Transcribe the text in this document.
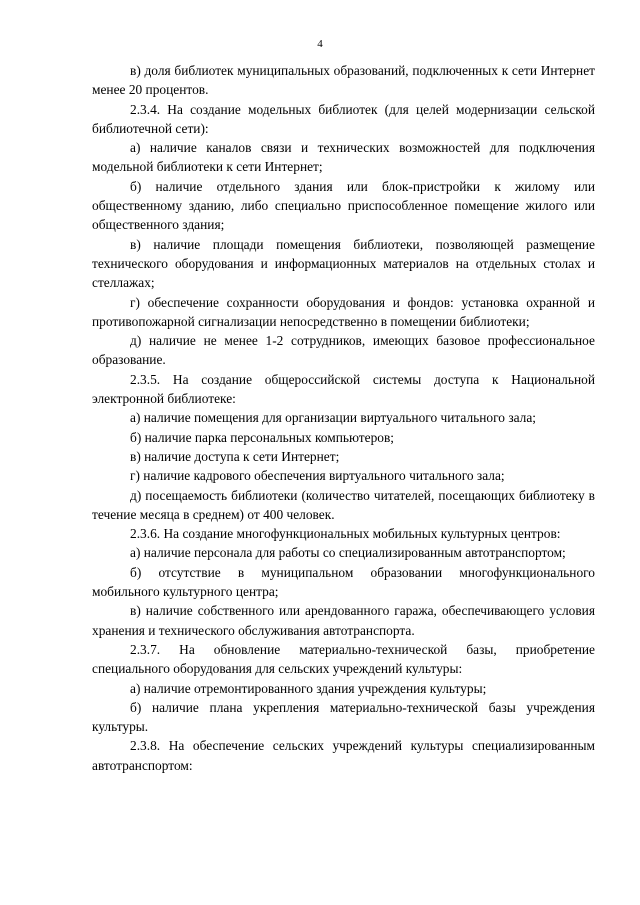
4

в) доля библиотек муниципальных образований, подключенных к сети Интернет менее 20 процентов.

2.3.4. На создание модельных библиотек (для целей модернизации сельской библиотечной сети):

а) наличие каналов связи и технических возможностей для подключения модельной библиотеки к сети Интернет;

б) наличие отдельного здания или блок-пристройки к жилому или общественному зданию, либо специально приспособленное помещение жилого или общественного здания;

в) наличие площади помещения библиотеки, позволяющей размещение технического оборудования и информационных материалов на отдельных столах и стеллажах;

г) обеспечение сохранности оборудования и фондов: установка охранной и противопожарной сигнализации непосредственно в помещении библиотеки;

д) наличие не менее 1-2 сотрудников, имеющих базовое профессиональное образование.

2.3.5. На создание общероссийской системы доступа к Национальной электронной библиотеке:

а) наличие помещения для организации виртуального читального зала;

б) наличие парка персональных компьютеров;

в) наличие доступа к сети Интернет;

г) наличие кадрового обеспечения виртуального читального зала;

д) посещаемость библиотеки (количество читателей, посещающих библиотеку в течение месяца в среднем) от 400 человек.

2.3.6. На создание многофункциональных мобильных культурных центров:

а) наличие персонала для работы со специализированным автотранспортом;

б) отсутствие в муниципальном образовании многофункционального мобильного культурного центра;

в) наличие собственного или арендованного гаража, обеспечивающего условия хранения и технического обслуживания автотранспорта.

2.3.7. На обновление материально-технической базы, приобретение специального оборудования для сельских учреждений культуры:

а) наличие отремонтированного здания учреждения культуры;

б) наличие плана укрепления материально-технической базы учреждения культуры.

2.3.8. На обеспечение сельских учреждений культуры специализированным автотранспортом:
